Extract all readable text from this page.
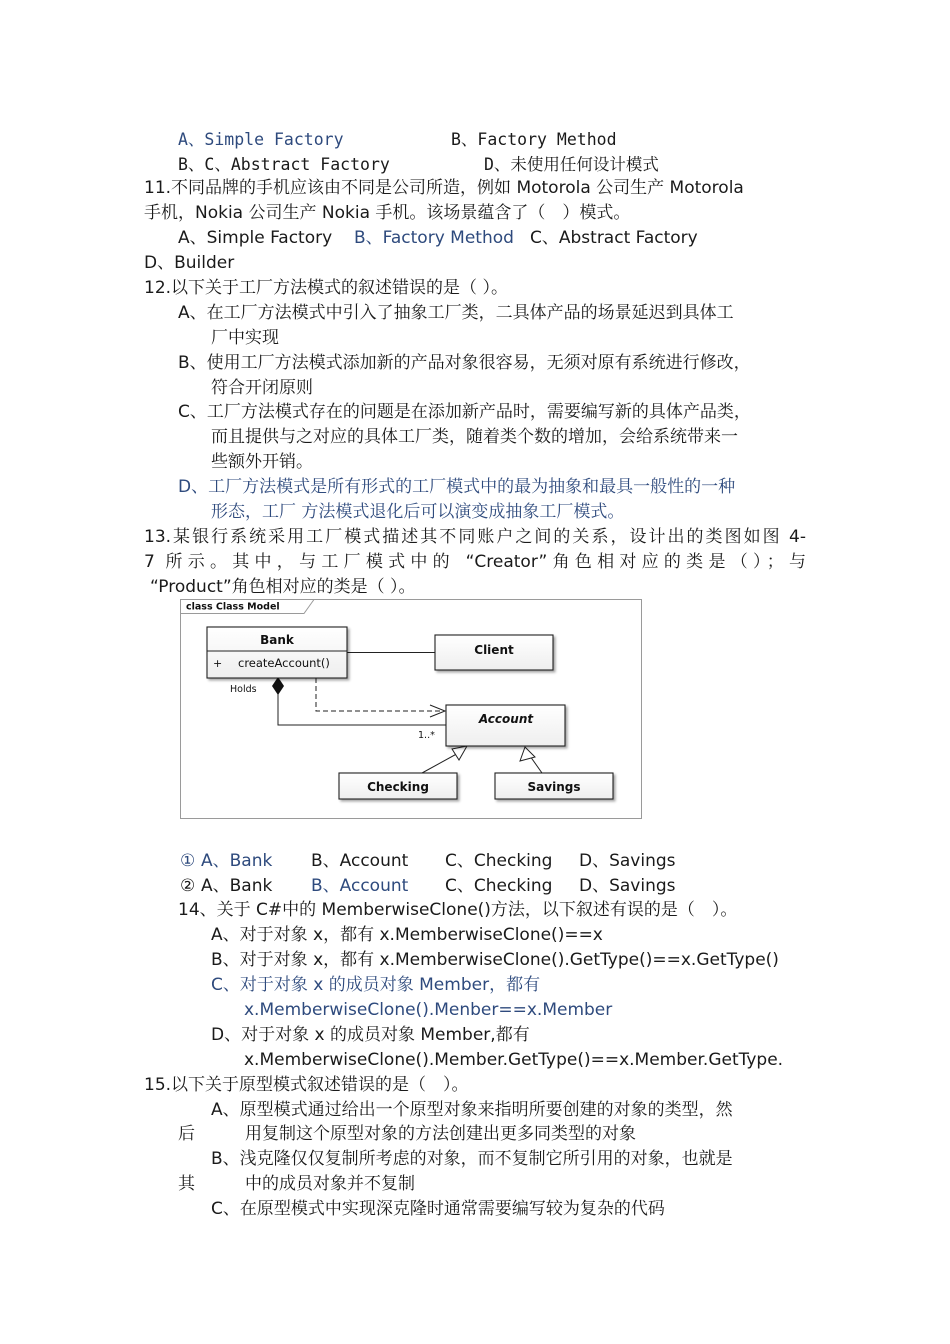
A、Simple Factory	B、Factory Method
B、C、Abstract Factory	D、未使用任何设计模式
11.不同品牌的手机应该由不同是公司所造，例如 Motorola 公司生产 Motorola
手机，Nokia 公司生产 Nokia 手机。该场景蕴含了（　）模式。
A、Simple Factory B、Factory Method C、Abstract Factory
D、Builder
12.以下关于工厂方法模式的叙述错误的是（ ）。
A、在工厂方法模式中引入了抽象工厂类，二具体产品的场景延迟到具体工
厂中实现
B、使用工厂方法模式添加新的产品对象很容易，无须对原有系统进行修改，
符合开闭原则
C、工厂方法模式存在的问题是在添加新产品时，需要编写新的具体产品类，
而且提供与之对应的具体工厂类，随着类个数的增加，会给系统带来一
些额外开销。
D、工厂方法模式是所有形式的工厂模式中的最为抽象和最具一般性的一种
形态，工厂 方法模式退化后可以演变成抽象工厂模式。
13.某银行系统采用工厂模式描述其不同账户之间的关系，设计出的类图如图 4-
7 所示。其中，与工厂模式中的 “Creator”角色相对应的类是（）；与
“Product”角色相对应的类是（ ）。
class Class Model
Holds
1..*
Bank
+ createAccount()
Client
Account
Checking	Savings
① A、Bank B、Account C、Checking D、Savings
② A、Bank B、Account C、Checking D、Savings
14、关于 C#中的 MemberwiseClone()方法，以下叙述有误的是（　）。
A、对于对象 x，都有 x.MemberwiseClone()==x
B、对于对象 x，都有 x.MemberwiseClone().GetType()==x.GetType()
C、对于对象 x 的成员对象 Member，都有
x.MemberwiseClone().Menber==x.Member
D、对于对象 x 的成员对象 Member,都有
x.MemberwiseClone().Member.GetType()==x.Member.GetType.
15.以下关于原型模式叙述错误的是（　）。
A、原型模式通过给出一个原型对象来指明所要创建的对象的类型，然
后	用复制这个原型对象的方法创建出更多同类型的对象
B、浅克隆仅仅复制所考虑的对象，而不复制它所引用的对象，也就是
其	中的成员对象并不复制
C、在原型模式中实现深克隆时通常需要编写较为复杂的代码
